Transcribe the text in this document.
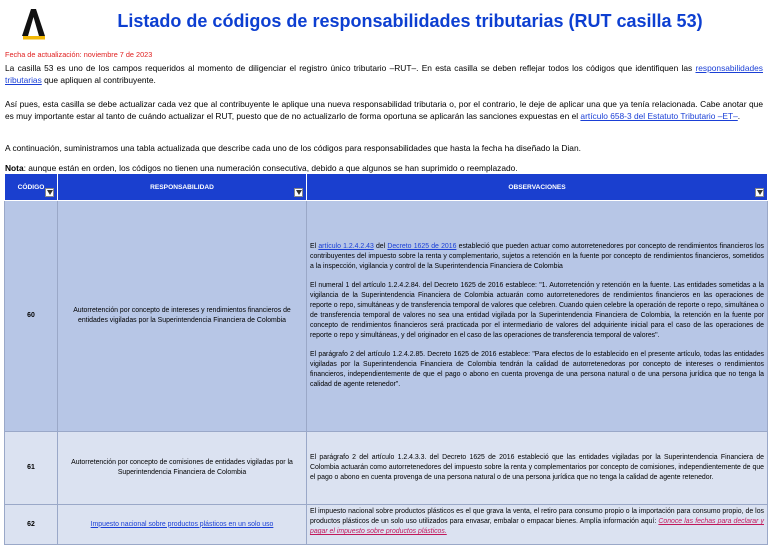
Listado de códigos de responsabilidades tributarias (RUT casilla 53)
Fecha de actualización: noviembre 7 de 2023
La casilla 53 es uno de los campos requeridos al momento de diligenciar el registro único tributario –RUT–. En esta casilla se deben reflejar todos los códigos que identifiquen las responsabilidades tributarias que apliquen al contribuyente.
Así pues, esta casilla se debe actualizar cada vez que al contribuyente le aplique una nueva responsabilidad tributaria o, por el contrario, le deje de aplicar una que ya tenía relacionada. Cabe anotar que es muy importante estar al tanto de cuándo actualizar el RUT, puesto que de no actualizarlo de forma oportuna se aplicarán las sanciones expuestas en el artículo 658-3 del Estatuto Tributario –ET–.
A continuación, suministramos una tabla actualizada que describe cada uno de los códigos para responsabilidades que hasta la fecha ha diseñado la Dian.
Nota: aunque están en orden, los códigos no tienen una numeración consecutiva, debido a que algunos se han suprimido o reemplazado.
CÓDIGO	RESPONSABILIDAD	OBSERVACIONES

60	Autorretención por concepto de intereses y rendimientos financieros de entidades vigiladas por la Superintendencia Financiera de Colombia	El artículo 1.2.4.2.43 del Decreto 1625 de 2016 estableció que pueden actuar como autorretenedores por concepto de rendimientos financieros los contribuyentes del impuesto sobre la renta y complementario, sujetos a retención en la fuente por concepto de rendimientos financieros, sometidos a la inspección, vigilancia y control de la Superintendencia Financiera de Colombia

El numeral 1 del artículo 1.2.4.2.84. del Decreto 1625 de 2016 establece: "1. Autorretención y retención en la fuente. Las entidades sometidas a la vigilancia de la Superintendencia Financiera de Colombia actuarán como autorretenedores de rendimientos financieros en las operaciones de reporte o repo, simultáneas y de transferencia temporal de valores que celebren. Cuando quien celebre la operación de reporte o repo, simultánea o de transferencia temporal de valores no sea una entidad vigilada por la Superintendencia Financiera de Colombia, la retención en la fuente por concepto de rendimientos financieros será practicada por el intermediario de valores del adquiriente inicial para el caso de las operaciones de reporte o repo y simultáneas, y del originador en el caso de las operaciones de transferencia temporal de valores".

El parágrafo 2 del artículo 1.2.4.2.85. Decreto 1625 de 2016 establece: "Para efectos de lo establecido en el presente artículo, todas las entidades vigiladas por la Superintendencia Financiera de Colombia tendrán la calidad de autorretenedoras por concepto de intereses o rendimientos financieros, independientemente de que el pago o abono en cuenta provenga de una persona natural o de una persona jurídica que no tenga la calidad de agente retenedor".

61	Autorretención por concepto de comisiones de entidades vigiladas por la Superintendencia Financiera de Colombia	El parágrafo 2 del artículo 1.2.4.3.3. del Decreto 1625 de 2016 estableció que las entidades vigiladas por la Superintendencia Financiera de Colombia actuarán como autorretenedores del impuesto sobre la renta y complementarios por concepto de comisiones, independientemente de que el pago o abono en cuenta provenga de una persona natural o de una persona jurídica que no tenga la calidad de agente retenedor.
62	Impuesto nacional sobre productos plásticos en un solo uso	El impuesto nacional sobre productos plásticos es el que grava la venta, el retiro para consumo propio o la importación para consumo propio, de los productos plásticos de un solo uso utilizados para envasar, embalar o empacar bienes. Amplía información aquí: Conoce las fechas para declarar y pagar el impuesto sobre productos plásticos.
